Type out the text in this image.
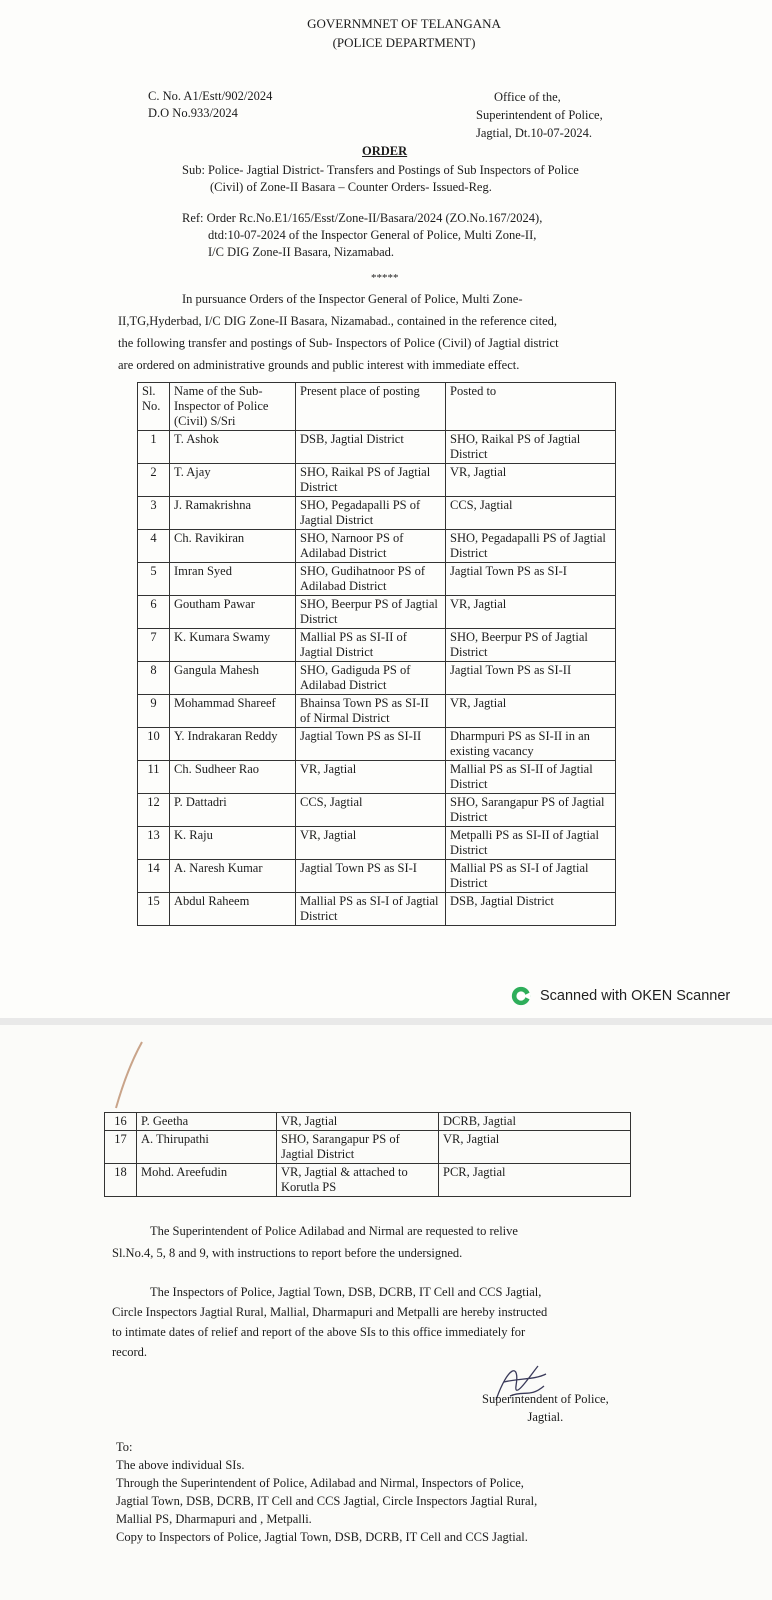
GOVERNMNET OF TELANGANA
(POLICE DEPARTMENT)
C. No. A1/Estt/902/2024
D.O No.933/2024
Office of the,
Superintendent of Police,
Jagtial, Dt.10-07-2024.
ORDER
Sub: Police- Jagtial District- Transfers and Postings of Sub Inspectors of Police
(Civil) of Zone-II Basara – Counter Orders- Issued-Reg.
Ref: Order Rc.No.E1/165/Esst/Zone-II/Basara/2024 (ZO.No.167/2024),
dtd:10-07-2024 of the Inspector General of Police, Multi Zone-II,
I/C DIG Zone-II Basara, Nizamabad.
*****
In pursuance Orders of the Inspector General of Police, Multi Zone-
II,TG,Hyderbad, I/C DIG Zone-II Basara, Nizamabad., contained in the reference cited,
the following transfer and postings of Sub- Inspectors of Police (Civil) of Jagtial district
are ordered on administrative grounds and public interest with immediate effect.
Sl. No.	Name of the Sub-Inspector of Police (Civil) S/Sri	Present place of posting	Posted to
1	T. Ashok	DSB, Jagtial District	SHO, Raikal PS of Jagtial District
2	T. Ajay	SHO, Raikal PS of Jagtial District	VR, Jagtial
3	J. Ramakrishna	SHO, Pegadapalli PS of Jagtial District	CCS, Jagtial
4	Ch. Ravikiran	SHO, Narnoor PS of Adilabad District	SHO, Pegadapalli PS of Jagtial District
5	Imran Syed	SHO, Gudihatnoor PS of Adilabad District	Jagtial Town PS as SI-I
6	Goutham Pawar	SHO, Beerpur PS of Jagtial District	VR, Jagtial
7	K. Kumara Swamy	Mallial PS as SI-II of Jagtial District	SHO, Beerpur PS of Jagtial District
8	Gangula Mahesh	SHO, Gadiguda PS of Adilabad District	Jagtial Town PS as SI-II
9	Mohammad Shareef	Bhainsa Town PS as SI-II of Nirmal District	VR, Jagtial
10	Y. Indrakaran Reddy	Jagtial Town PS as SI-II	Dharmpuri PS as SI-II in an existing vacancy
11	Ch. Sudheer Rao	VR, Jagtial	Mallial PS as SI-II of Jagtial District
12	P. Dattadri	CCS, Jagtial	SHO, Sarangapur PS of Jagtial District
13	K. Raju	VR, Jagtial	Metpalli PS as SI-II of Jagtial District
14	A. Naresh Kumar	Jagtial Town PS as SI-I	Mallial PS as SI-I of Jagtial District
15	Abdul Raheem	Mallial PS as SI-I of Jagtial District	DSB, Jagtial District
Scanned with OKEN Scanner
16	P. Geetha	VR, Jagtial	DCRB, Jagtial
17	A. Thirupathi	SHO, Sarangapur PS of Jagtial District	VR, Jagtial
18	Mohd. Areefudin	VR, Jagtial & attached to Korutla PS	PCR, Jagtial
The Superintendent of Police Adilabad and Nirmal are requested to relive
Sl.No.4, 5, 8 and 9, with instructions to report before the undersigned.
The Inspectors of Police, Jagtial Town, DSB, DCRB, IT Cell and CCS Jagtial,
Circle Inspectors Jagtial Rural, Mallial, Dharmapuri and Metpalli are hereby instructed
to intimate dates of relief and report of the above SIs to this office immediately for
record.
Superintendent of Police,
Jagtial.
To:
The above individual SIs.
Through the Superintendent of Police, Adilabad and Nirmal, Inspectors of Police,
Jagtial Town, DSB, DCRB, IT Cell and CCS Jagtial, Circle Inspectors Jagtial Rural,
Mallial PS, Dharmapuri and , Metpalli.
Copy to Inspectors of Police, Jagtial Town, DSB, DCRB, IT Cell and CCS Jagtial.
